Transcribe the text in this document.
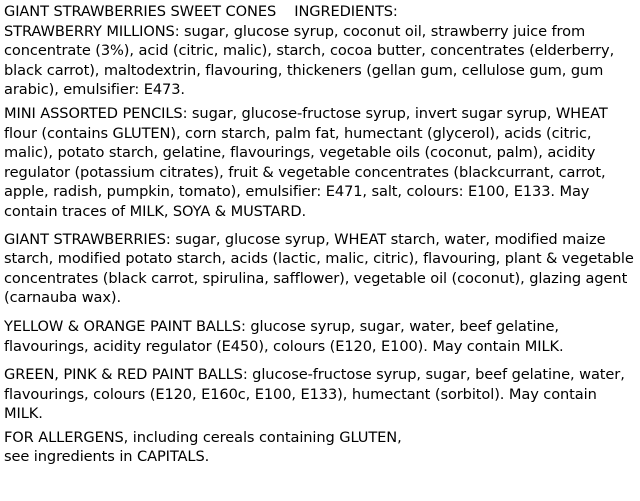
GIANT STRAWBERRIES SWEET CONES    INGREDIENTS:

STRAWBERRY MILLIONS: sugar, glucose syrup, coconut oil, strawberry juice from concentrate (3%), acid (citric, malic), starch, cocoa butter, concentrates (elderberry, black carrot), maltodextrin, flavouring, thickeners (gellan gum, cellulose gum, gum arabic), emulsifier: E473.

MINI ASSORTED PENCILS: sugar, glucose-fructose syrup, invert sugar syrup, WHEAT flour (contains GLUTEN), corn starch, palm fat, humectant (glycerol), acids (citric, malic), potato starch, gelatine, flavourings, vegetable oils (coconut, palm), acidity regulator (potassium citrates), fruit & vegetable concentrates (blackcurrant, carrot, apple, radish, pumpkin, tomato), emulsifier: E471, salt, colours: E100, E133. May contain traces of MILK, SOYA & MUSTARD.

GIANT STRAWBERRIES: sugar, glucose syrup, WHEAT starch, water, modified maize starch, modified potato starch, acids (lactic, malic, citric), flavouring, plant & vegetable concentrates (black carrot, spirulina, safflower), vegetable oil (coconut), glazing agent (carnauba wax).

YELLOW & ORANGE PAINT BALLS: glucose syrup, sugar, water, beef gelatine, flavourings, acidity regulator (E450), colours (E120, E100). May contain MILK.

GREEN, PINK & RED PAINT BALLS: glucose-fructose syrup, sugar, beef gelatine, water, flavourings, colours (E120, E160c, E100, E133), humectant (sorbitol). May contain MILK.

FOR ALLERGENS, including cereals containing GLUTEN,

see ingredients in CAPITALS.
